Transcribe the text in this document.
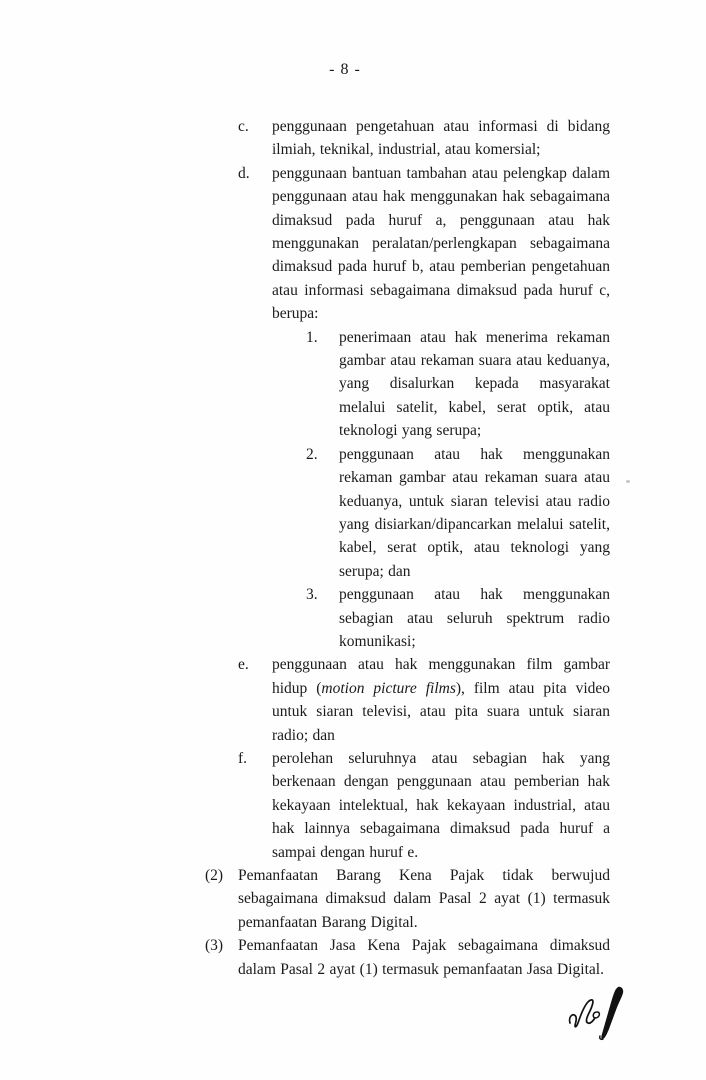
- 8 -
c.	penggunaan pengetahuan atau informasi di bidang ilmiah, teknikal, industrial, atau komersial;
d.	penggunaan bantuan tambahan atau pelengkap dalam penggunaan atau hak menggunakan hak sebagaimana dimaksud pada huruf a, penggunaan atau hak menggunakan peralatan/perlengkapan sebagaimana dimaksud pada huruf b, atau pemberian pengetahuan atau informasi sebagaimana dimaksud pada huruf c, berupa:
1.	penerimaan atau hak menerima rekaman gambar atau rekaman suara atau keduanya, yang disalurkan kepada masyarakat melalui satelit, kabel, serat optik, atau teknologi yang serupa;
2.	penggunaan atau hak menggunakan rekaman gambar atau rekaman suara atau keduanya, untuk siaran televisi atau radio yang disiarkan/dipancarkan melalui satelit, kabel, serat optik, atau teknologi yang serupa; dan
3.	penggunaan atau hak menggunakan sebagian atau seluruh spektrum radio komunikasi;
e.	penggunaan atau hak menggunakan film gambar hidup (motion picture films), film atau pita video untuk siaran televisi, atau pita suara untuk siaran radio; dan
f.	perolehan seluruhnya atau sebagian hak yang berkenaan dengan penggunaan atau pemberian hak kekayaan intelektual, hak kekayaan industrial, atau hak lainnya sebagaimana dimaksud pada huruf a sampai dengan huruf e.
(2) Pemanfaatan Barang Kena Pajak tidak berwujud sebagaimana dimaksud dalam Pasal 2 ayat (1) termasuk pemanfaatan Barang Digital.
(3) Pemanfaatan Jasa Kena Pajak sebagaimana dimaksud dalam Pasal 2 ayat (1) termasuk pemanfaatan Jasa Digital.
